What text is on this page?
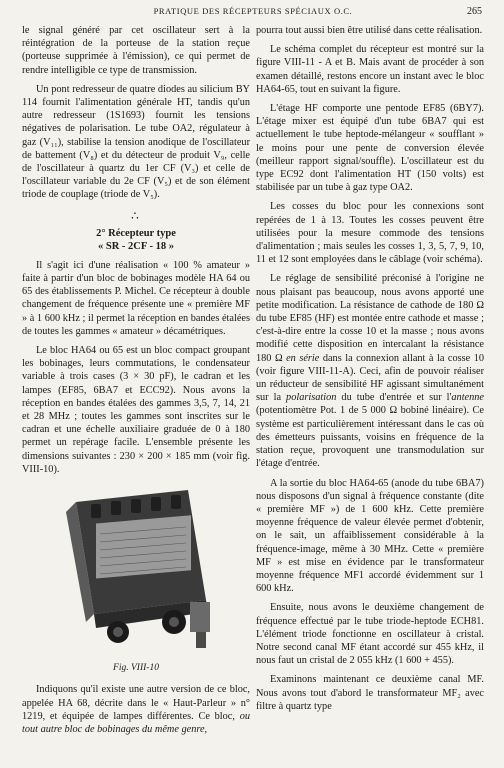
PRATIQUE DES RÉCEPTEURS SPÉCIAUX O.C.	265

le signal généré par cet oscillateur sert à la réintégration de la porteuse de la station reçue (porteuse supprimée à l'émission), ce qui permet de rendre intelligible ce type de transmission.

Un pont redresseur de quatre diodes au silicium BY 114 fournit l'alimentation générale HT, tandis qu'un autre redresseur (1S1693) fournit les tensions négatives de polarisation. Le tube OA2, régulateur à gaz (V₁₁), stabilise la tension anodique de l'oscillateur de battement (V₈) et du détecteur de produit V₉, celle de l'oscillateur à quartz du 1er CF (V₃) et celle de l'oscillateur variable du 2e CF (V₅) et de son élément triode de couplage (triode de V₅).

∴
2° Récepteur type
« SR - 2CF - 18 »

Il s'agit ici d'une réalisation « 100 % amateur » faite à partir d'un bloc de bobinages modèle HA 64 ou 65 des établissements P. Michel. Ce récepteur à double changement de fréquence présente une « première MF » à 1 600 kHz ; il permet la réception en bandes étalées de toutes les gammes « amateur » décamétriques.

Le bloc HA64 ou 65 est un bloc compact groupant les bobinages, leurs commutations, le condensateur variable à trois cases (3 × 30 pF), le cadran et les lampes (EF85, 6BA7 et ECC92). Nous avons la réception en bandes étalées des gammes 3,5, 7, 14, 21 et 28 MHz ; toutes les gammes sont inscrites sur le cadran et une échelle auxiliaire graduée de 0 à 180 permet un repérage facile. L'ensemble présente les dimensions suivantes : 230 × 200 × 185 mm (voir fig. VIII-10).

Fig. VIII-10

Indiquons qu'il existe une autre version de ce bloc, appelée HA 68, décrite dans le « Haut-Parleur » n° 1219, et équipée de lampes différentes. Ce bloc, ou tout autre bloc de bobinages du même genre,

pourra tout aussi bien être utilisé dans cette réalisation.

Le schéma complet du récepteur est montré sur la figure VIII-11 - A et B. Mais avant de procéder à son examen détaillé, restons encore un instant avec le bloc HA64-65, tout en suivant la figure.

L'étage HF comporte une pentode EF85 (6BY7). L'étage mixer est équipé d'un tube 6BA7 qui est actuellement le tube heptode-mélangeur « soufflant » le moins pour une pente de conversion élevée (meilleur rapport signal/souffle). L'oscillateur est du type EC92 dont l'alimentation HT (150 volts) est stabilisée par un tube à gaz type OA2.

Les cosses du bloc pour les connexions sont repérées de 1 à 13. Toutes les cosses peuvent être utilisées pour la mesure commode des tensions d'alimentation ; mais seules les cosses 1, 3, 5, 7, 9, 10, 11 et 12 sont employées dans le câblage (voir schéma).

Le réglage de sensibilité préconisé à l'origine ne nous plaisant pas beaucoup, nous avons apporté une petite modification. La résistance de cathode de 180 Ω du tube EF85 (HF) est montée entre cathode et masse ; c'est-à-dire entre la cosse 10 et la masse ; nous avons modifié cette disposition en intercalant la résistance 180 Ω en série dans la connexion allant à la cosse 10 (voir figure VIII-11-A). Ceci, afin de pouvoir réaliser un réducteur de sensibilité HF agissant simultanément sur la polarisation du tube d'entrée et sur l'antenne (potentiomètre Pot. 1 de 5 000 Ω bobiné linéaire). Ce système est particulièrement intéressant dans le cas où des émetteurs puissants, voisins en fréquence de la station reçue, provoquent une transmodulation sur l'étage d'entrée.

A la sortie du bloc HA64-65 (anode du tube 6BA7) nous disposons d'un signal à fréquence constante (dite « première MF ») de 1 600 kHz. Cette première moyenne fréquence de valeur élevée permet d'obtenir, on le sait, un affaiblissement considérable à la fréquence-image, même à 30 MHz. Cette « première MF » est mise en évidence par le transformateur moyenne fréquence MF1 accordé évidemment sur 1 600 kHz.

Ensuite, nous avons le deuxième changement de fréquence effectué par le tube triode-heptode ECH81. L'élément triode fonctionne en oscillateur à cristal. Notre second canal MF étant accordé sur 455 kHz, il nous faut un cristal de 2 055 kHz (1 600 + 455).

Examinons maintenant ce deuxième canal MF. Nous avons tout d'abord le transformateur MF₂ avec filtre à quartz type
